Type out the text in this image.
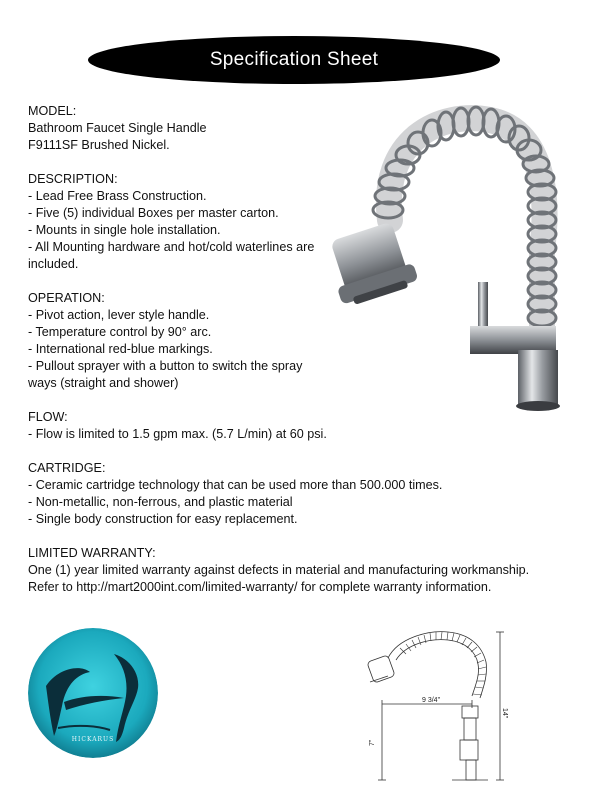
Specification Sheet
MODEL:
Bathroom Faucet Single Handle
F9111SF Brushed Nickel.
DESCRIPTION:
- Lead Free Brass Construction.
- Five (5) individual Boxes per master carton.
- Mounts in single hole installation.
- All Mounting hardware and hot/cold waterlines are included.
OPERATION:
- Pivot action, lever style handle.
- Temperature control by 90° arc.
- International red-blue markings.
- Pullout sprayer with a button to switch the spray ways (straight and shower)
FLOW:
- Flow is limited to 1.5 gpm max. (5.7 L/min) at 60 psi.
CARTRIDGE:
- Ceramic cartridge technology that can be used more than 500.000 times.
- Non-metallic, non-ferrous, and plastic material
- Single body construction for easy replacement.
LIMITED WARRANTY:
One (1) year limited warranty against defects in material and manufacturing workmanship.
Refer to http://mart2000int.com/limited-warranty/ for complete warranty information.
HICKARUS
9 3/4"
14"
7"
